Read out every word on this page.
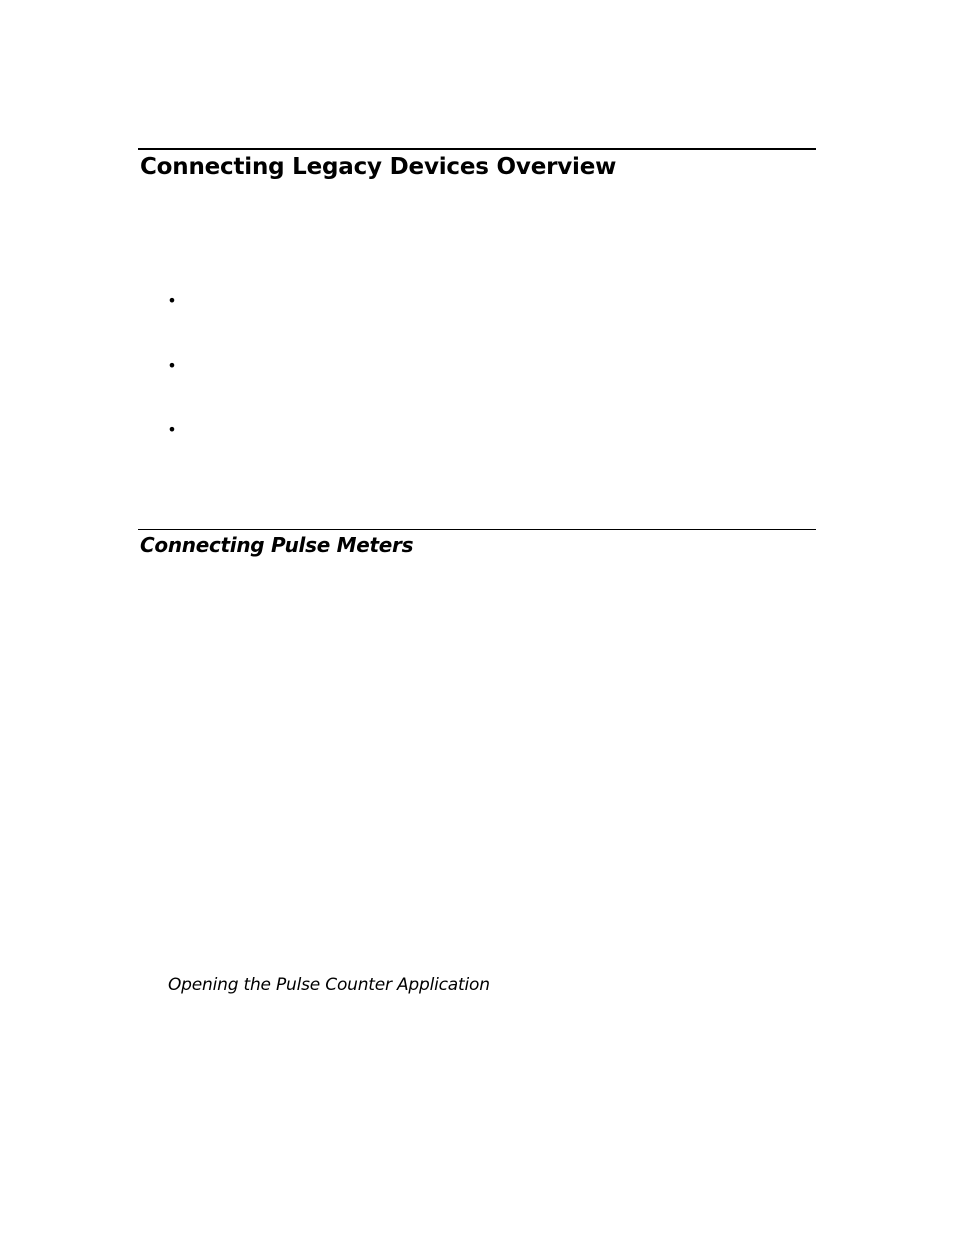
Connecting Legacy Devices Overview
•
•
•
Connecting Pulse Meters

Opening the Pulse Counter Application
